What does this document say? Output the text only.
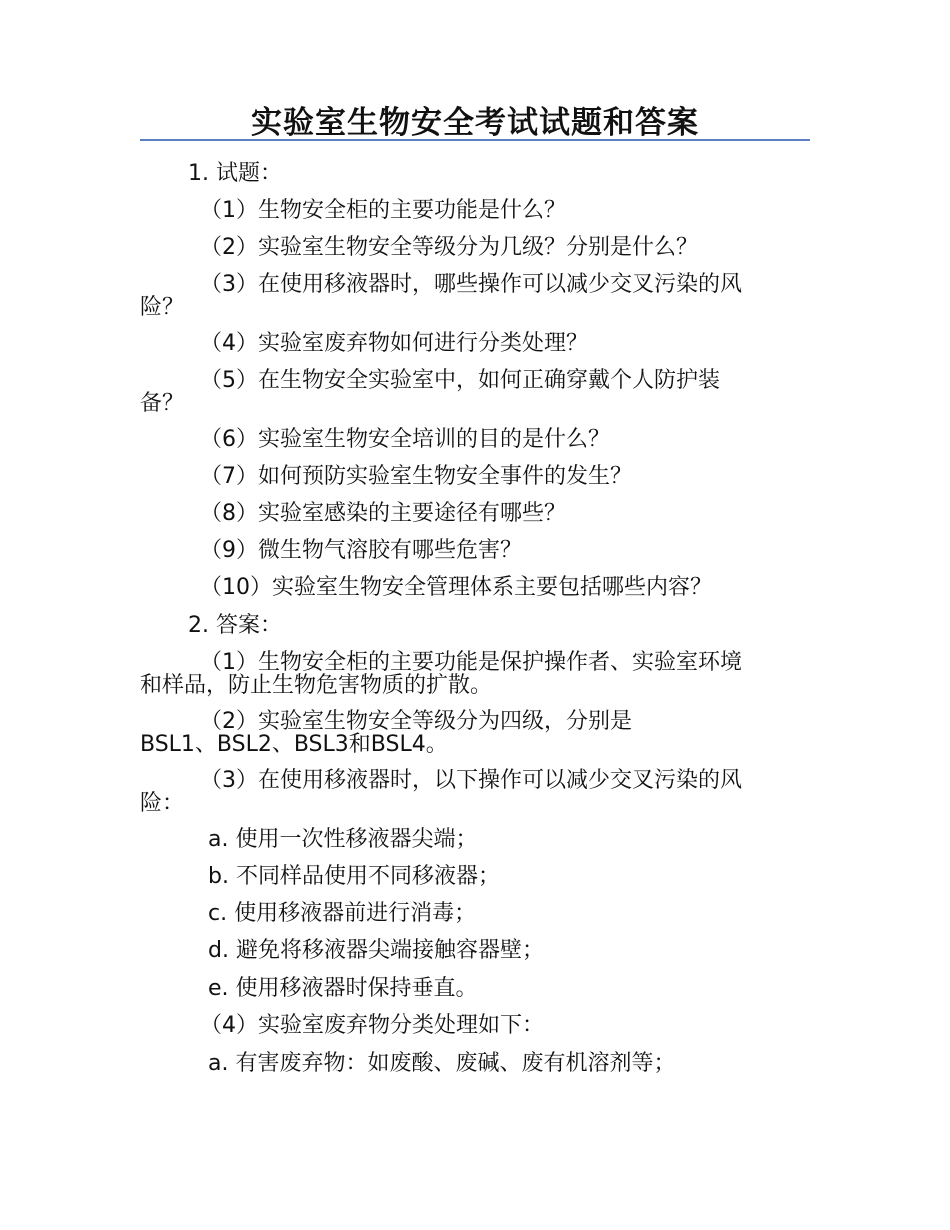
实验室生物安全考试试题和答案
1. 试题：
（1）生物安全柜的主要功能是什么？
（2）实验室生物安全等级分为几级？分别是什么？
（3）在使用移液器时，哪些操作可以减少交叉污染的风
险？
（4）实验室废弃物如何进行分类处理？
（5）在生物安全实验室中，如何正确穿戴个人防护装
备？
（6）实验室生物安全培训的目的是什么？
（7）如何预防实验室生物安全事件的发生？
（8）实验室感染的主要途径有哪些？
（9）微生物气溶胶有哪些危害？
（10）实验室生物安全管理体系主要包括哪些内容？
2. 答案：
（1）生物安全柜的主要功能是保护操作者、实验室环境
和样品，防止生物危害物质的扩散。
（2）实验室生物安全等级分为四级，分别是
BSL1、BSL2、BSL3和BSL4。
（3）在使用移液器时，以下操作可以减少交叉污染的风
险：
a. 使用一次性移液器尖端；
b. 不同样品使用不同移液器；
c. 使用移液器前进行消毒；
d. 避免将移液器尖端接触容器壁；
e. 使用移液器时保持垂直。
（4）实验室废弃物分类处理如下：
a. 有害废弃物：如废酸、废碱、废有机溶剂等；
